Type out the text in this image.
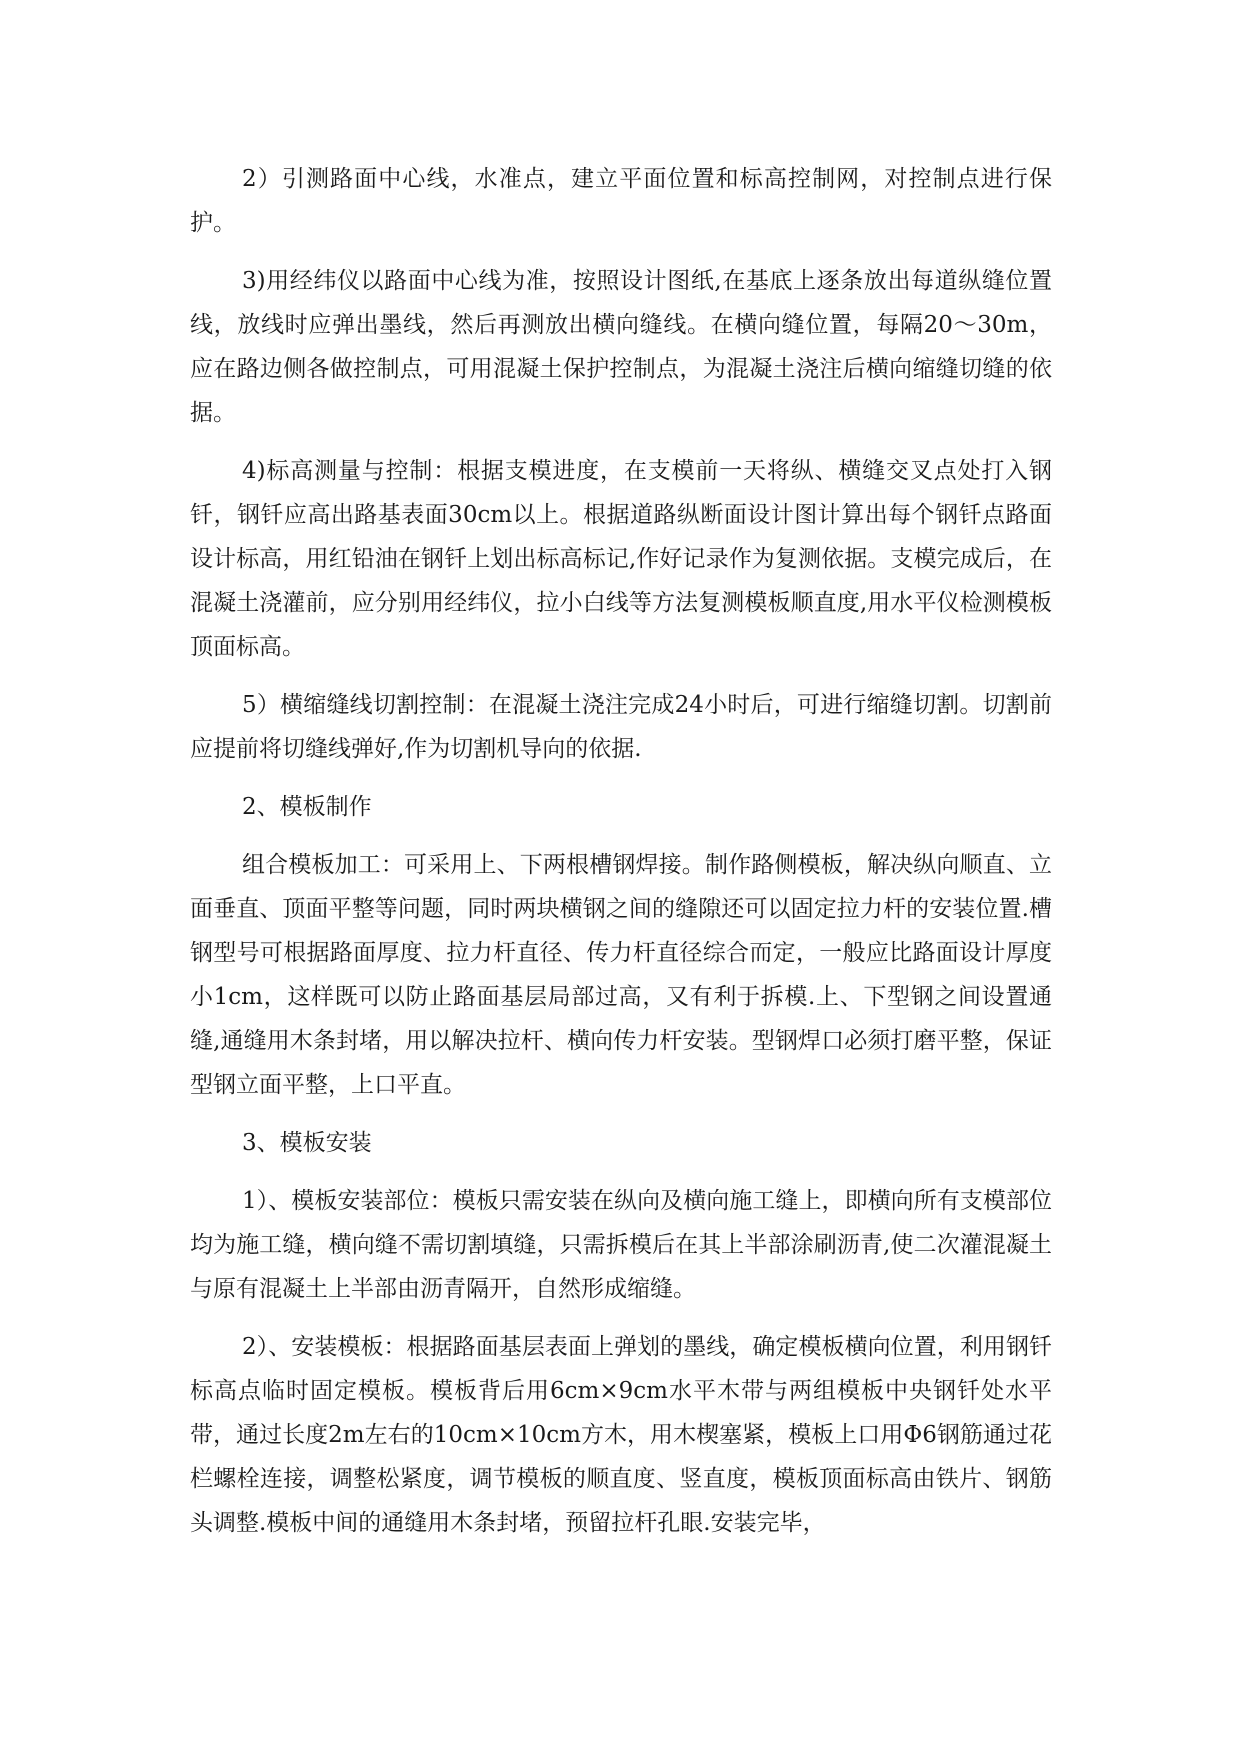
2）引测路面中心线，水准点，建立平面位置和标高控制网，对控制点进行保护。

3)用经纬仪以路面中心线为准，按照设计图纸,在基底上逐条放出每道纵缝位置线，放线时应弹出墨线，然后再测放出横向缝线。在横向缝位置，每隔20～30m，应在路边侧各做控制点，可用混凝土保护控制点，为混凝土浇注后横向缩缝切缝的依据。

4)标高测量与控制：根据支模进度，在支模前一天将纵、横缝交叉点处打入钢钎，钢钎应高出路基表面30cm以上。根据道路纵断面设计图计算出每个钢钎点路面设计标高，用红铅油在钢钎上划出标高标记,作好记录作为复测依据。支模完成后，在混凝土浇灌前，应分别用经纬仪，拉小白线等方法复测模板顺直度,用水平仪检测模板顶面标高。

5）横缩缝线切割控制：在混凝土浇注完成24小时后，可进行缩缝切割。切割前应提前将切缝线弹好,作为切割机导向的依据.

2、模板制作

组合模板加工：可采用上、下两根槽钢焊接。制作路侧模板，解决纵向顺直、立面垂直、顶面平整等问题，同时两块横钢之间的缝隙还可以固定拉力杆的安装位置.槽钢型号可根据路面厚度、拉力杆直径、传力杆直径综合而定，一般应比路面设计厚度小1cm，这样既可以防止路面基层局部过高，又有利于拆模.上、下型钢之间设置通缝,通缝用木条封堵，用以解决拉杆、横向传力杆安装。型钢焊口必须打磨平整，保证型钢立面平整，上口平直。

3、模板安装

1）、模板安装部位：模板只需安装在纵向及横向施工缝上，即横向所有支模部位均为施工缝，横向缝不需切割填缝，只需拆模后在其上半部涂刷沥青,使二次灌混凝土与原有混凝土上半部由沥青隔开，自然形成缩缝。

2）、安装模板：根据路面基层表面上弹划的墨线，确定模板横向位置，利用钢钎标高点临时固定模板。模板背后用6cm×9cm水平木带与两组模板中央钢钎处水平带，通过长度2m左右的10cm×10cm方木，用木楔塞紧，模板上口用Φ6钢筋通过花栏螺栓连接，调整松紧度，调节模板的顺直度、竖直度，模板顶面标高由铁片、钢筋头调整.模板中间的通缝用木条封堵，预留拉杆孔眼.安装完毕，
